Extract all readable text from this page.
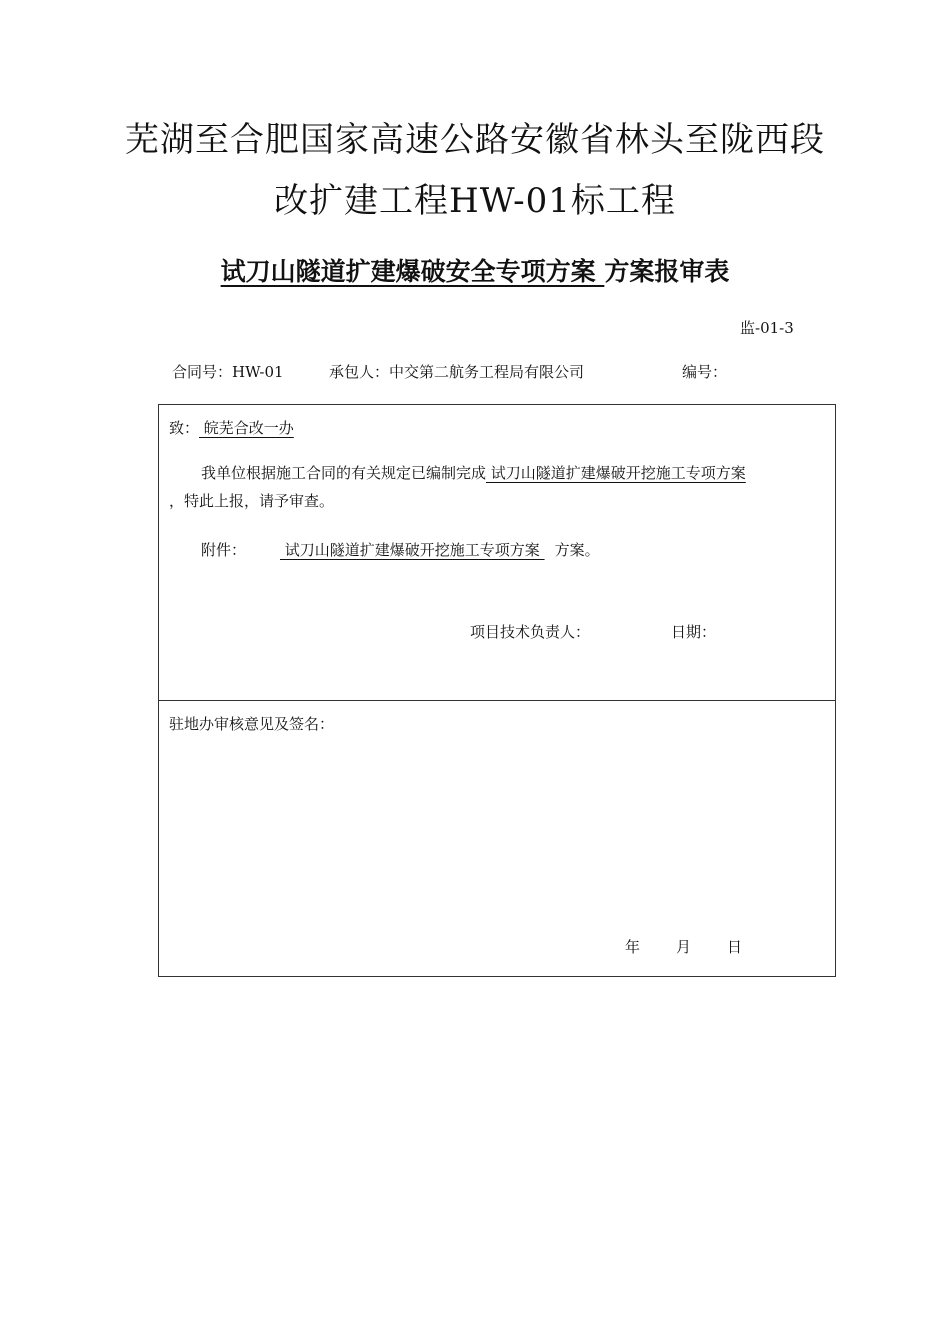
芜湖至合肥国家高速公路安徽省林头至陇西段
改扩建工程HW-01标工程
试刀山隧道扩建爆破安全专项方案 方案报审表
监-01-3
合同号：HW-01	承包人：中交第二航务工程局有限公司	编号：
致： 皖芜合改一办
我单位根据施工合同的有关规定已编制完成 试刀山隧道扩建爆破开挖施工专项方案
，特此上报，请予审查。
附件： 试刀山隧道扩建爆破开挖施工专项方案 方案。
项目技术负责人：	日期：
驻地办审核意见及签名：
年 月 日
